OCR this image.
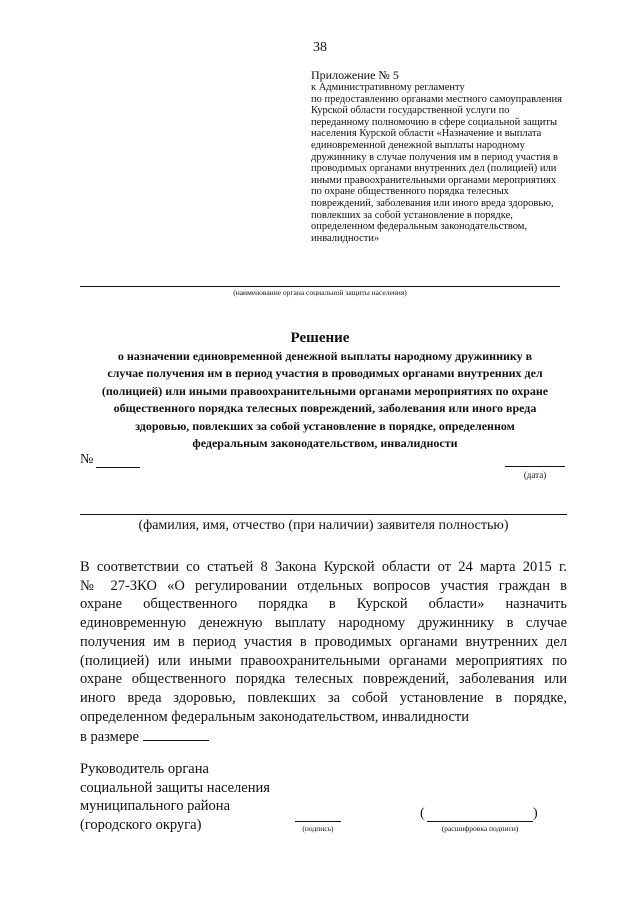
38
Приложение № 5
к Административному регламенту
по предоставлению органами местного самоуправления
Курской области государственной услуги по
переданному полномочию в сфере социальной защиты
населения Курской области «Назначение и выплата
единовременной денежной выплаты народному
дружиннику в случае получения им в период участия в
проводимых органами внутренних дел (полицией) или
иными правоохранительными органами мероприятиях
по охране общественного порядка телесных
повреждений, заболевания или иного вреда здоровью,
повлекших за собой установление в порядке,
определенном федеральным законодательством,
инвалидности»
(наименование органа социальной защиты населения)
Решение
о назначении единовременной денежной выплаты народному дружиннику в
случае получения им в период участия в проводимых органами внутренних дел
(полицией) или иными правоохранительными органами мероприятиях по охране
общественного порядка телесных повреждений, заболевания или иного вреда
здоровью, повлекших за собой установление в порядке, определенном
федеральным законодательством, инвалидности
№
(дата)
(фамилия, имя, отчество (при наличии) заявителя полностью)
В соответствии со статьей 8 Закона Курской области от 24 марта 2015 г.
№ 27-ЗКО «О регулировании отдельных вопросов участия граждан в
охране общественного порядка в Курской области» назначить
единовременную денежную выплату народному дружиннику в случае
получения им в период участия в проводимых органами внутренних дел
(полицией) или иными правоохранительными органами мероприятиях по
охране общественного порядка телесных повреждений, заболевания или
иного вреда здоровью, повлекших за собой установление в порядке,
определенном федеральным законодательством, инвалидности
в размере
Руководитель органа
социальной защиты населения
муниципального района
(городского округа)	(подпись)
(	)
(расшифровка подписи)
